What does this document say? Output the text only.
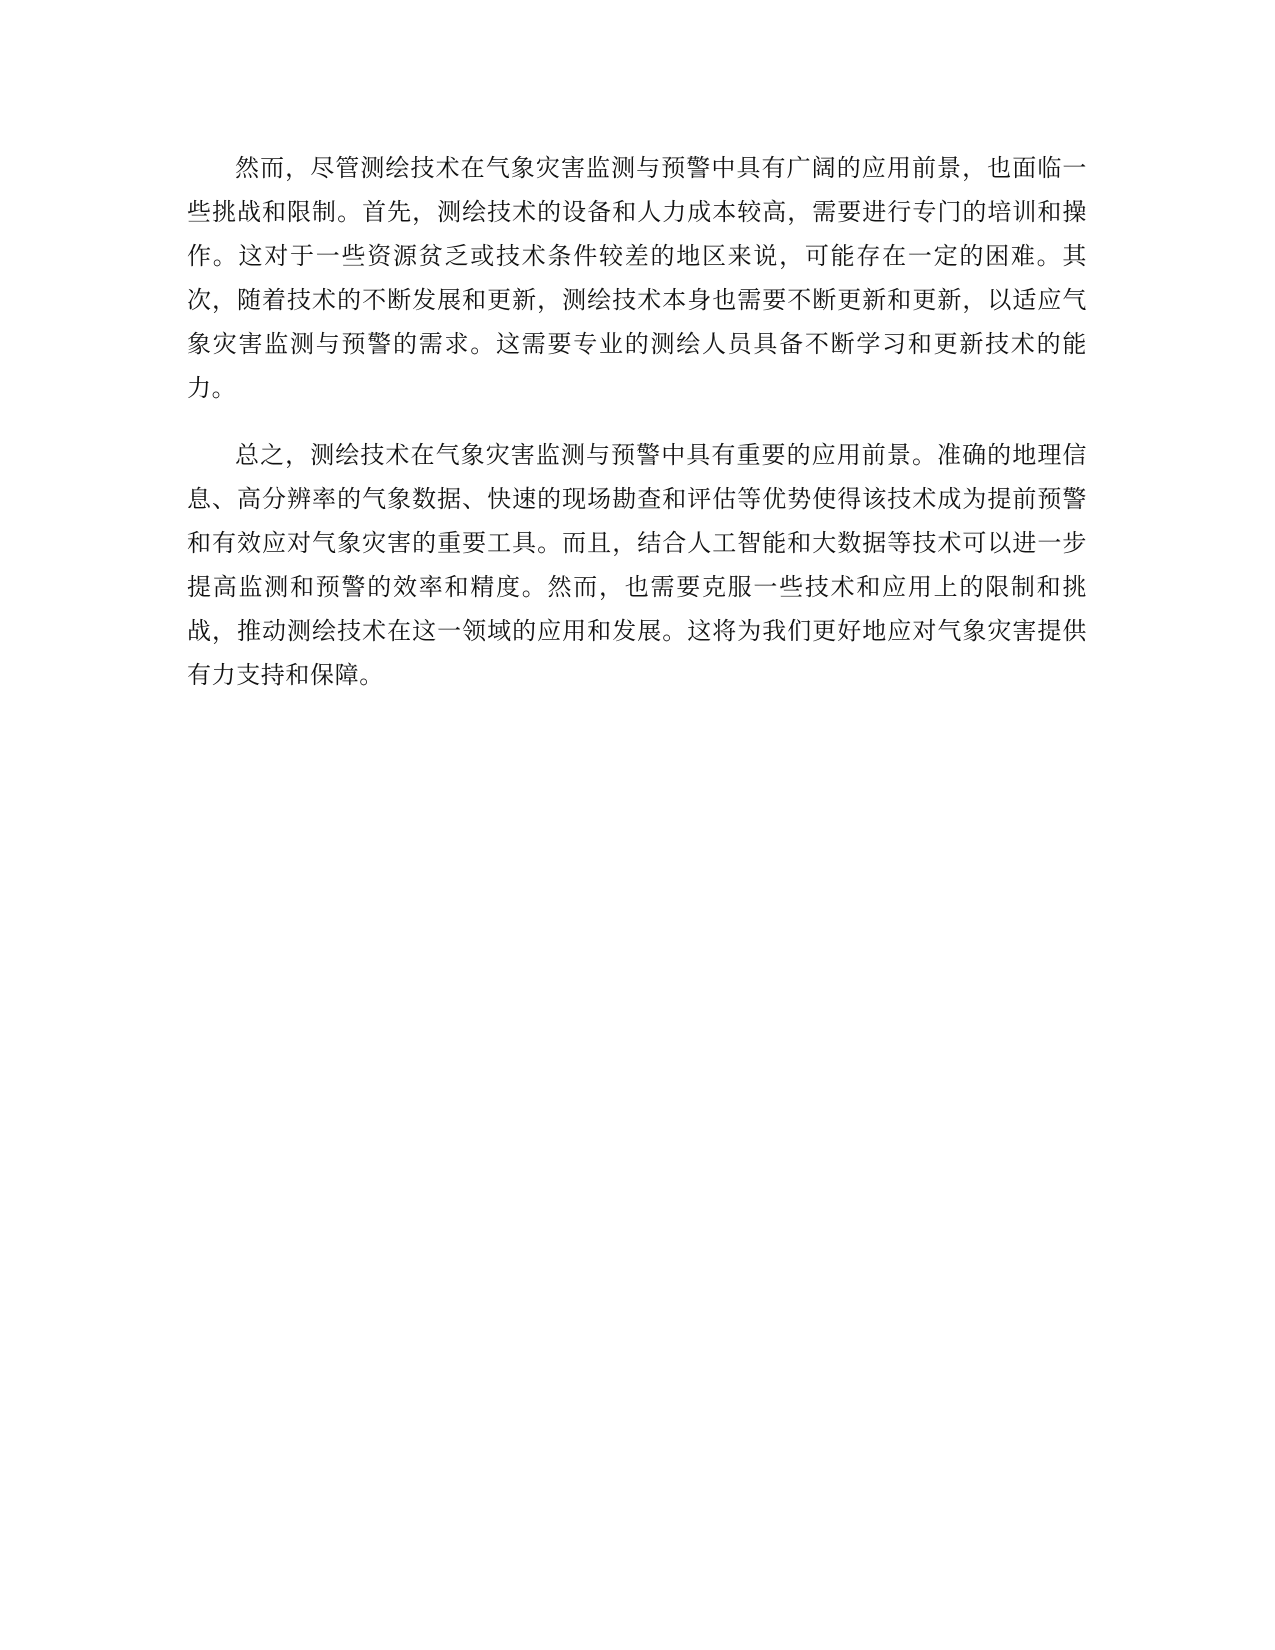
然而，尽管测绘技术在气象灾害监测与预警中具有广阔的应用前景，也面临一些挑战和限制。首先，测绘技术的设备和人力成本较高，需要进行专门的培训和操作。这对于一些资源贫乏或技术条件较差的地区来说，可能存在一定的困难。其次，随着技术的不断发展和更新，测绘技术本身也需要不断更新和更新，以适应气象灾害监测与预警的需求。这需要专业的测绘人员具备不断学习和更新技术的能力。

总之，测绘技术在气象灾害监测与预警中具有重要的应用前景。准确的地理信息、高分辨率的气象数据、快速的现场勘查和评估等优势使得该技术成为提前预警和有效应对气象灾害的重要工具。而且，结合人工智能和大数据等技术可以进一步提高监测和预警的效率和精度。然而，也需要克服一些技术和应用上的限制和挑战，推动测绘技术在这一领域的应用和发展。这将为我们更好地应对气象灾害提供有力支持和保障。
